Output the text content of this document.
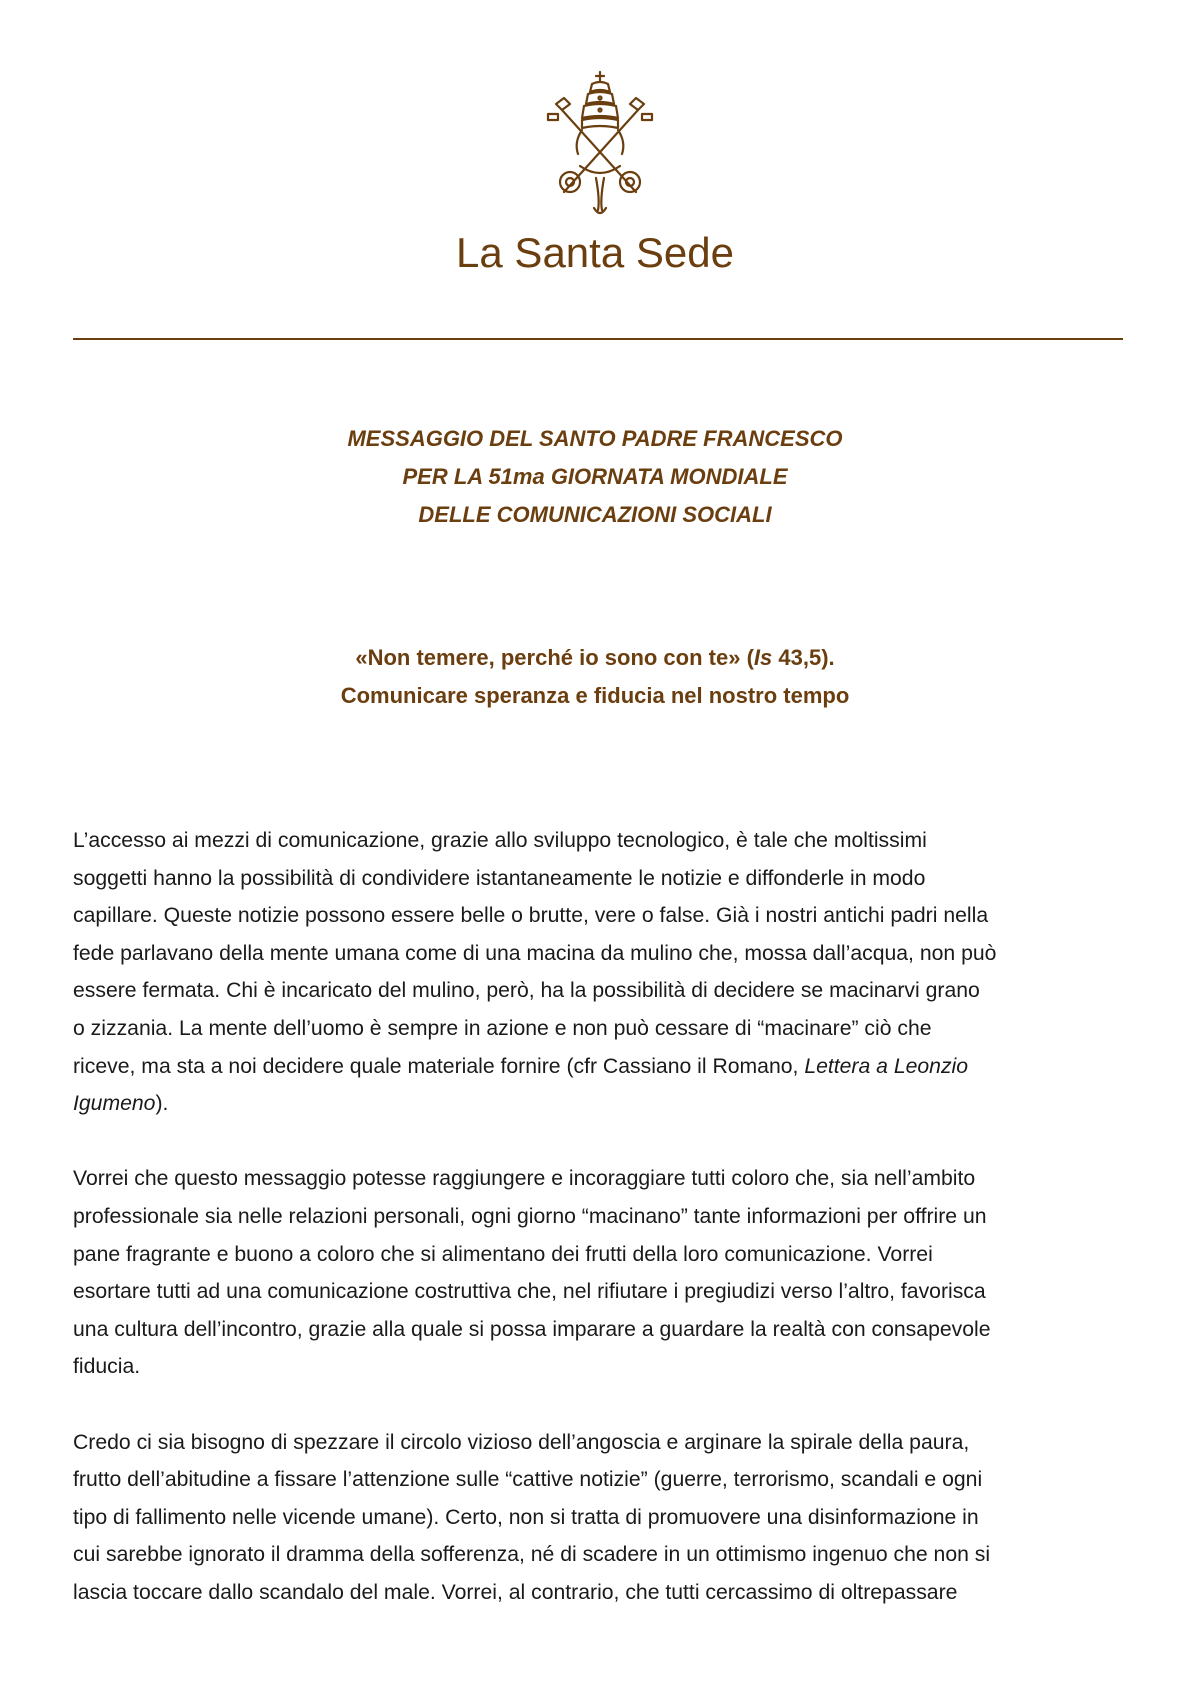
La Santa Sede
MESSAGGIO DEL SANTO PADRE FRANCESCO
PER LA 51ma GIORNATA MONDIALE
DELLE COMUNICAZIONI SOCIALI
«Non temere, perché io sono con te» (Is 43,5).
Comunicare speranza e fiducia nel nostro tempo

L’accesso ai mezzi di comunicazione, grazie allo sviluppo tecnologico, è tale che moltissimi
soggetti hanno la possibilità di condividere istantaneamente le notizie e diffonderle in modo
capillare. Queste notizie possono essere belle o brutte, vere o false. Già i nostri antichi padri nella
fede parlavano della mente umana come di una macina da mulino che, mossa dall’acqua, non può
essere fermata. Chi è incaricato del mulino, però, ha la possibilità di decidere se macinarvi grano
o zizzania. La mente dell’uomo è sempre in azione e non può cessare di “macinare” ciò che
riceve, ma sta a noi decidere quale materiale fornire (cfr Cassiano il Romano, Lettera a Leonzio
Igumeno).

Vorrei che questo messaggio potesse raggiungere e incoraggiare tutti coloro che, sia nell’ambito
professionale sia nelle relazioni personali, ogni giorno “macinano” tante informazioni per offrire un
pane fragrante e buono a coloro che si alimentano dei frutti della loro comunicazione. Vorrei
esortare tutti ad una comunicazione costruttiva che, nel rifiutare i pregiudizi verso l’altro, favorisca
una cultura dell’incontro, grazie alla quale si possa imparare a guardare la realtà con consapevole
fiducia.

Credo ci sia bisogno di spezzare il circolo vizioso dell’angoscia e arginare la spirale della paura,
frutto dell’abitudine a fissare l’attenzione sulle “cattive notizie” (guerre, terrorismo, scandali e ogni
tipo di fallimento nelle vicende umane). Certo, non si tratta di promuovere una disinformazione in
cui sarebbe ignorato il dramma della sofferenza, né di scadere in un ottimismo ingenuo che non si
lascia toccare dallo scandalo del male. Vorrei, al contrario, che tutti cercassimo di oltrepassare
